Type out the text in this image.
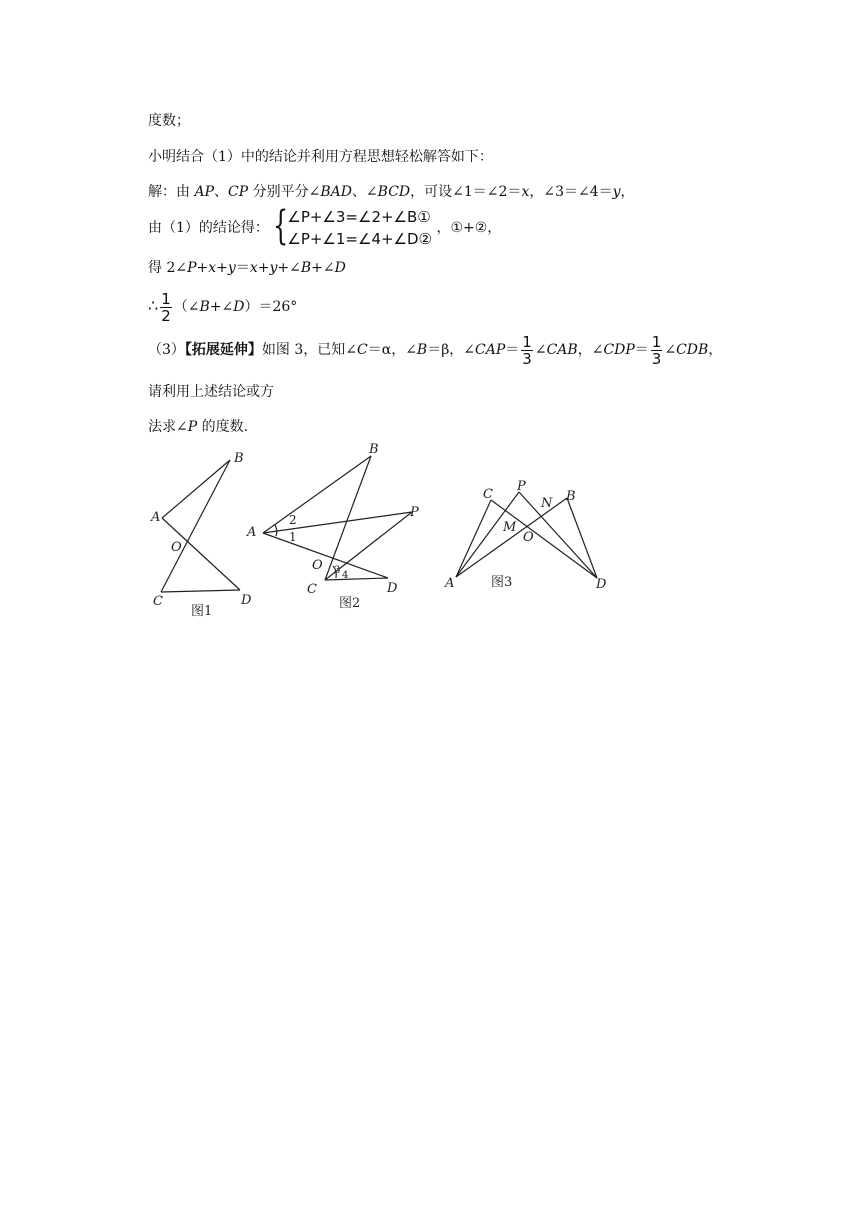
度数；
小明结合（1）中的结论并利用方程思想轻松解答如下：
解：由 AP、CP 分别平分∠BAD、∠BCD，可设∠1＝∠2＝x，∠3＝∠4＝y，
由（1）的结论得： {
∠P+∠3=∠2+∠B①
∠P+∠1=∠4+∠D②
，①+②，
得 2∠P+x+y＝x+y+∠B+∠D
∴ $\frac{1}{2}$ （∠B+∠D）＝26°
（3）【拓展延伸】如图 3，已知∠C＝α，∠B＝β，∠CAP＝ $\frac{1}{3}$ ∠CAB，∠CDP＝ $\frac{1}{3}$ ∠CDB，
请利用上述结论或方
法求∠P 的度数.
B
A
O
C	D
图1
B
A
P
O
C	D
2
1
3 4
图2
C
P
N B
M
O
A	D
图3
